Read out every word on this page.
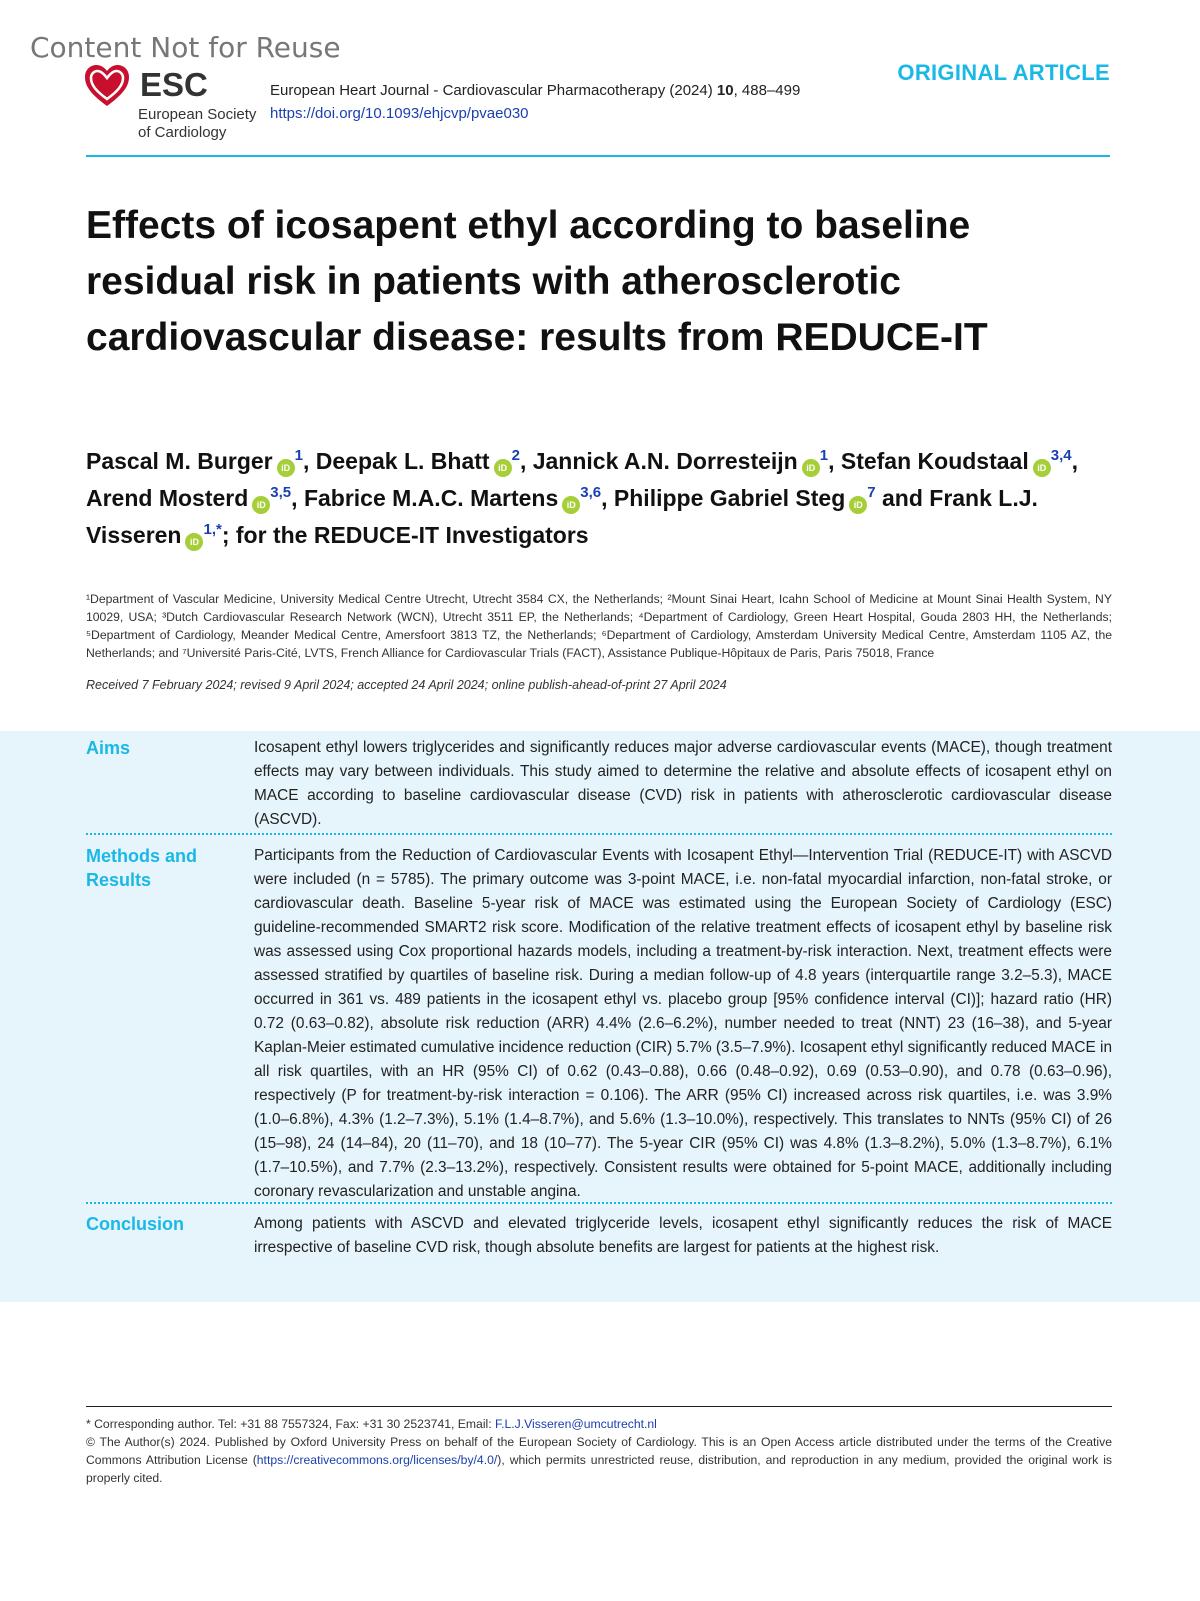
Content Not for Reuse
ESC
European Society
of Cardiology
European Heart Journal - Cardiovascular Pharmacotherapy (2024) 10, 488–499
https://doi.org/10.1093/ehjcvp/pvae030
ORIGINAL ARTICLE
Effects of icosapent ethyl according to baseline residual risk in patients with atherosclerotic cardiovascular disease: results from REDUCE-IT
Pascal M. Burger $iD^1$, Deepak L. Bhatt $iD^2$, Jannick A.N. Dorresteijn $iD^1$, Stefan Koudstaal iD$^{3,4}$, Arend Mosterd iD$^{3,5}$, Fabrice M.A.C. Martens iD$^{3,6}$, Philippe Gabriel Steg $iD^7$ and Frank L.J. Visseren $iD^{1,*}$; for the REDUCE-IT Investigators
¹Department of Vascular Medicine, University Medical Centre Utrecht, Utrecht 3584 CX, the Netherlands; ²Mount Sinai Heart, Icahn School of Medicine at Mount Sinai Health System, NY 10029, USA; ³Dutch Cardiovascular Research Network (WCN), Utrecht 3511 EP, the Netherlands; ⁴Department of Cardiology, Green Heart Hospital, Gouda 2803 HH, the Netherlands; ⁵Department of Cardiology, Meander Medical Centre, Amersfoort 3813 TZ, the Netherlands; ⁶Department of Cardiology, Amsterdam University Medical Centre, Amsterdam 1105 AZ, the Netherlands; and ⁷Université Paris-Cité, LVTS, French Alliance for Cardiovascular Trials (FACT), Assistance Publique-Hôpitaux de Paris, Paris 75018, France
Received 7 February 2024; revised 9 April 2024; accepted 24 April 2024; online publish-ahead-of-print 27 April 2024
Aims	Icosapent ethyl lowers triglycerides and significantly reduces major adverse cardiovascular events (MACE), though treatment effects may vary between individuals. This study aimed to determine the relative and absolute effects of icosapent ethyl on MACE according to baseline cardiovascular disease (CVD) risk in patients with atherosclerotic cardiovascular disease (ASCVD).
Methods and Results
Participants from the Reduction of Cardiovascular Events with Icosapent Ethyl—Intervention Trial (REDUCE-IT) with ASCVD were included (n = 5785). The primary outcome was 3-point MACE, i.e. non-fatal myocardial infarction, non-fatal stroke, or cardiovascular death. Baseline 5-year risk of MACE was estimated using the European Society of Cardiology (ESC) guideline-recommended SMART2 risk score. Modification of the relative treatment effects of icosapent ethyl by baseline risk was assessed using Cox proportional hazards models, including a treatment-by-risk interaction. Next, treatment effects were assessed stratified by quartiles of baseline risk. During a median follow-up of 4.8 years (interquartile range 3.2–5.3), MACE occurred in 361 vs. 489 patients in the icosapent ethyl vs. placebo group [95% confidence interval (CI)]; hazard ratio (HR) 0.72 (0.63–0.82), absolute risk reduction (ARR) 4.4% (2.6–6.2%), number needed to treat (NNT) 23 (16–38), and 5-year Kaplan-Meier estimated cumulative incidence reduction (CIR) 5.7% (3.5–7.9%). Icosapent ethyl significantly reduced MACE in all risk quartiles, with an HR (95% CI) of 0.62 (0.43–0.88), 0.66 (0.48–0.92), 0.69 (0.53–0.90), and 0.78 (0.63–0.96), respectively (P for treatment-by-risk interaction = 0.106). The ARR (95% CI) increased across risk quartiles, i.e. was 3.9% (1.0–6.8%), 4.3% (1.2–7.3%), 5.1% (1.4–8.7%), and 5.6% (1.3–10.0%), respectively. This translates to NNTs (95% CI) of 26 (15–98), 24 (14–84), 20 (11–70), and 18 (10–77). The 5-year CIR (95% CI) was 4.8% (1.3–8.2%), 5.0% (1.3–8.7%), 6.1% (1.7–10.5%), and 7.7% (2.3–13.2%), respectively. Consistent results were obtained for 5-point MACE, additionally including coronary revascularization and unstable angina.
Conclusion	Among patients with ASCVD and elevated triglyceride levels, icosapent ethyl significantly reduces the risk of MACE irrespective of baseline CVD risk, though absolute benefits are largest for patients at the highest risk.
* Corresponding author. Tel: +31 88 7557324, Fax: +31 30 2523741, Email: F.L.J.Visseren@umcutrecht.nl
© The Author(s) 2024. Published by Oxford University Press on behalf of the European Society of Cardiology. This is an Open Access article distributed under the terms of the Creative Commons Attribution License (https://creativecommons.org/licenses/by/4.0/), which permits unrestricted reuse, distribution, and reproduction in any medium, provided the original work is properly cited.
